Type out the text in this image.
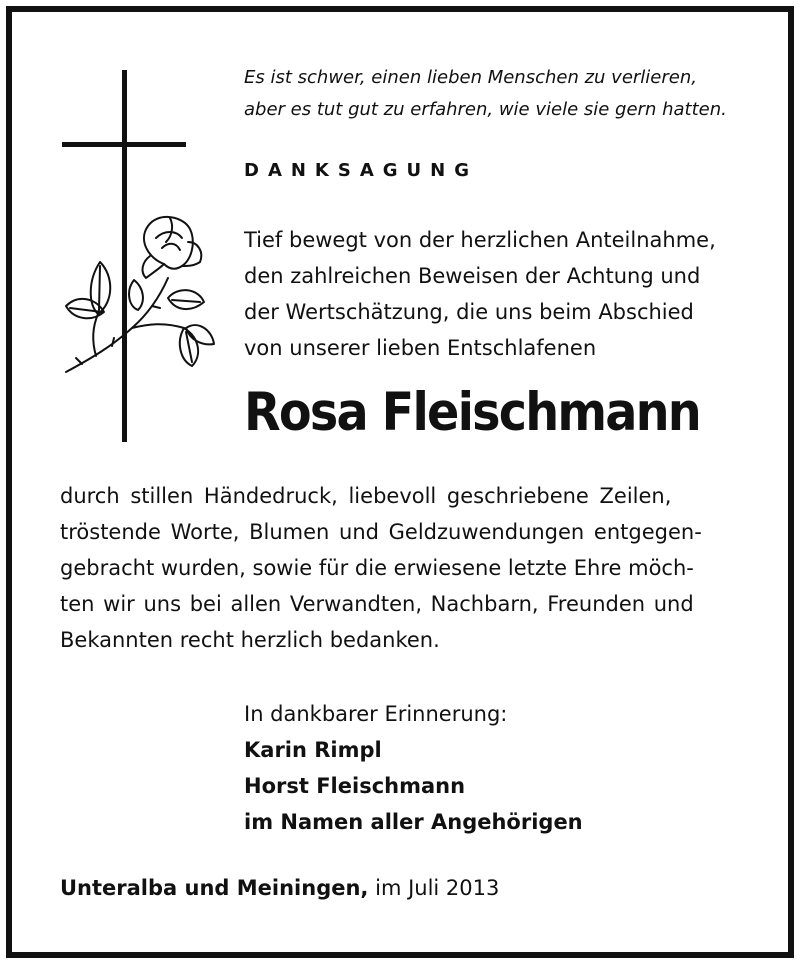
Es ist schwer, einen lieben Menschen zu verlieren,
aber es tut gut zu erfahren, wie viele sie gern hatten.
DANKSAGUNG
Tief bewegt von der herzlichen Anteilnahme,
den zahlreichen Beweisen der Achtung und
der Wertschätzung, die uns beim Abschied
von unserer lieben Entschlafenen
Rosa Fleischmann
durch stillen Händedruck, liebevoll geschriebene Zeilen,
tröstende Worte, Blumen und Geldzuwendungen entgegen-
gebracht wurden, sowie für die erwiesene letzte Ehre möch-
ten wir uns bei allen Verwandten, Nachbarn, Freunden und
Bekannten recht herzlich bedanken.
In dankbarer Erinnerung:
Karin Rimpl
Horst Fleischmann
im Namen aller Angehörigen
Unteralba und Meiningen, im Juli 2013
